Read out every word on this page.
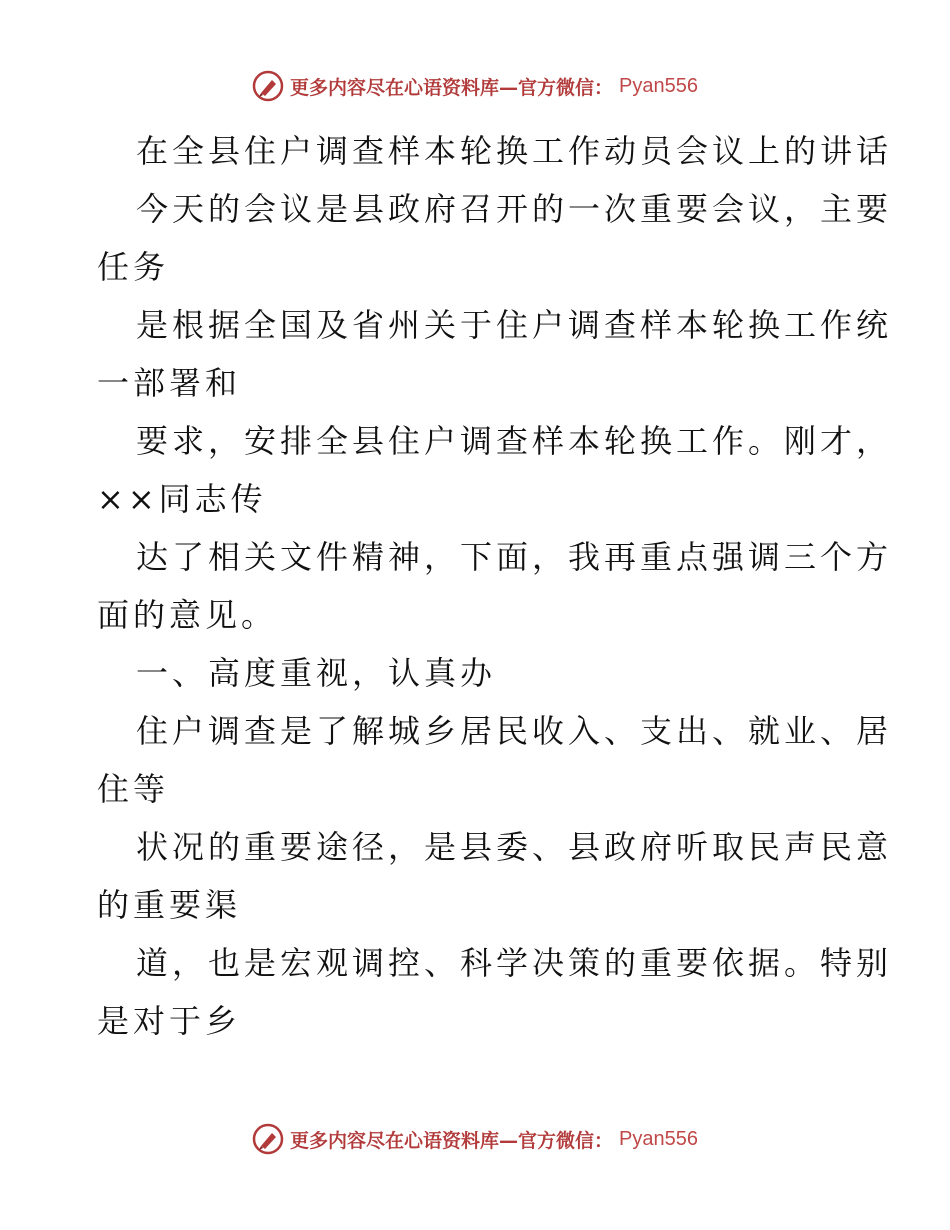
更多内容尽在心语资料库—官方微信： Pyan556
在全县住户调查样本轮换工作动员会议上的讲话
今天的会议是县政府召开的一次重要会议，主要
任务
是根据全国及省州关于住户调查样本轮换工作统
一部署和
要求，安排全县住户调查样本轮换工作。刚才，
××同志传
达了相关文件精神，下面，我再重点强调三个方
面的意见。
一、高度重视，认真办
住户调查是了解城乡居民收入、支出、就业、居
住等
状况的重要途径，是县委、县政府听取民声民意
的重要渠
道，也是宏观调控、科学决策的重要依据。特别
是对于乡
更多内容尽在心语资料库—官方微信： Pyan556
